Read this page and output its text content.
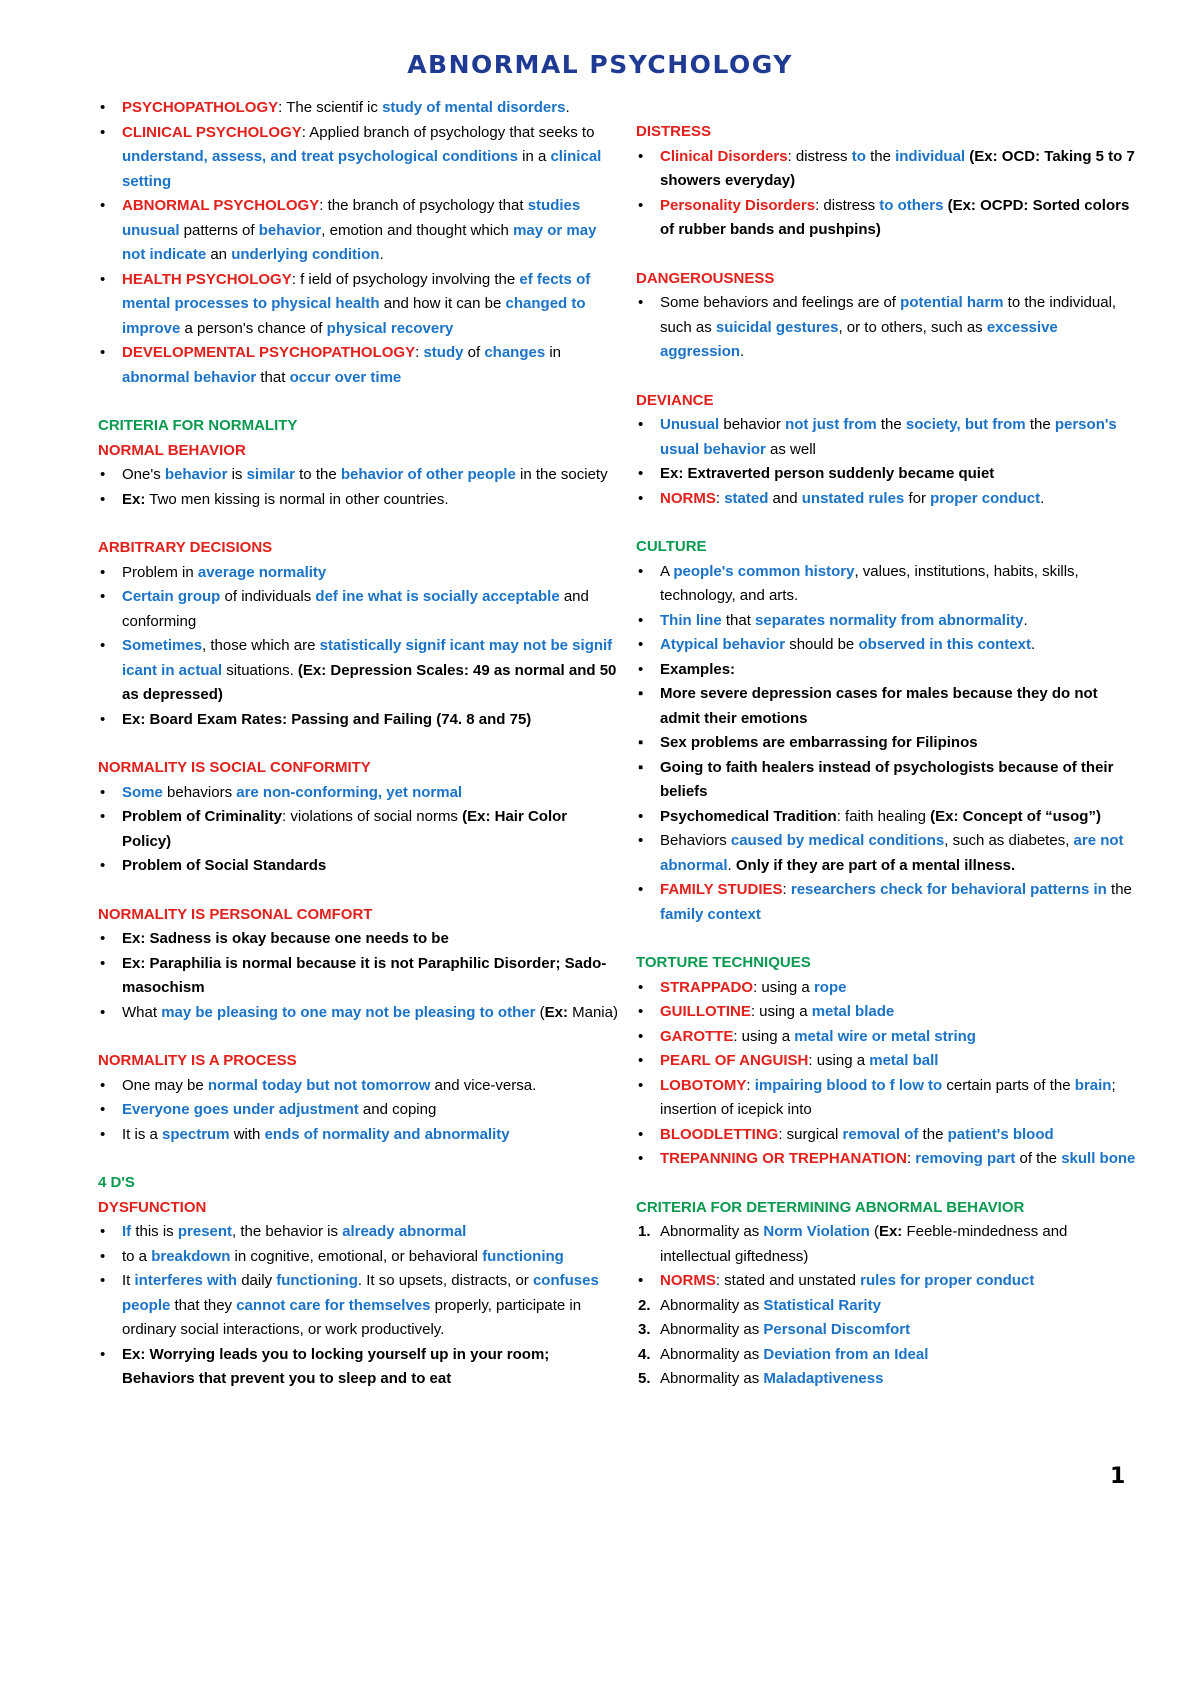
ABNORMAL PSYCHOLOGY
•	PSYCHOPATHOLOGY: The scientif ic study of mental disorders.
•	CLINICAL PSYCHOLOGY: Applied branch of psychology that seeks to understand, assess, and treat psychological conditions in a clinical setting
•	ABNORMAL PSYCHOLOGY: the branch of psychology that studies unusual patterns of behavior, emotion and thought which may or may not indicate an underlying condition.
•	HEALTH PSYCHOLOGY: f ield of psychology involving the ef fects of mental processes to physical health and how it can be changed to improve a person's chance of physical recovery
•	DEVELOPMENTAL PSYCHOPATHOLOGY: study of changes in abnormal behavior that occur over time
CRITERIA FOR NORMALITY
NORMAL BEHAVIOR
•	One's behavior is similar to the behavior of other people in the society
•	Ex: Two men kissing is normal in other countries.
ARBITRARY DECISIONS
•	Problem in average normality
•	Certain group of individuals def ine what is socially acceptable and conforming
•	Sometimes, those which are statistically signif icant may not be signif icant in actual situations. (Ex: Depression Scales: 49 as normal and 50 as depressed)
•	Ex: Board Exam Rates: Passing and Failing (74. 8 and 75)
NORMALITY IS SOCIAL CONFORMITY
•	Some behaviors are non-conforming, yet normal
•	Problem of Criminality: violations of social norms (Ex: Hair Color Policy)
•	Problem of Social Standards
NORMALITY IS PERSONAL COMFORT
•	Ex: Sadness is okay because one needs to be
•	Ex: Paraphilia is normal because it is not Paraphilic Disorder; Sado-masochism
•	What may be pleasing to one may not be pleasing to other (Ex: Mania)
NORMALITY IS A PROCESS
•	One may be normal today but not tomorrow and vice-versa.
•	Everyone goes under adjustment and coping
•	It is a spectrum with ends of normality and abnormality
4 D'S
DYSFUNCTION
•	If this is present, the behavior is already abnormal
•	to a breakdown in cognitive, emotional, or behavioral functioning
•	It interferes with daily functioning. It so upsets, distracts, or confuses people that they cannot care for themselves properly, participate in ordinary social interactions, or work productively.
•	Ex: Worrying leads you to locking yourself up in your room; Behaviors that prevent you to sleep and to eat
DISTRESS
•	Clinical Disorders: distress to the individual (Ex: OCD: Taking 5 to 7 showers everyday)
•	Personality Disorders: distress to others (Ex: OCPD: Sorted colors of rubber bands and pushpins)
DANGEROUSNESS
•	Some behaviors and feelings are of potential harm to the individual, such as suicidal gestures, or to others, such as excessive aggression.
DEVIANCE
•	Unusual behavior not just from the society, but from the person's usual behavior as well
•	Ex: Extraverted person suddenly became quiet
•	NORMS: stated and unstated rules for proper conduct.
CULTURE
•	A people's common history, values, institutions, habits, skills, technology, and arts.
•	Thin line that separates normality from abnormality.
•	Atypical behavior should be observed in this context.
•	Examples:
▪	More severe depression cases for males because they do not admit their emotions
▪	Sex problems are embarrassing for Filipinos
▪	Going to faith healers instead of psychologists because of their beliefs
•	Psychomedical Tradition: faith healing (Ex: Concept of “usog”)
•	Behaviors caused by medical conditions, such as diabetes, are not abnormal. Only if they are part of a mental illness.
•	FAMILY STUDIES: researchers check for behavioral patterns in the family context
TORTURE TECHNIQUES
•	STRAPPADO: using a rope
•	GUILLOTINE: using a metal blade
•	GAROTTE: using a metal wire or metal string
•	PEARL OF ANGUISH: using a metal ball
•	LOBOTOMY: impairing blood to f low to certain parts of the brain; insertion of icepick into
•	BLOODLETTING: surgical removal of the patient's blood
•	TREPANNING OR TREPHANATION: removing part of the skull bone
CRITERIA FOR DETERMINING ABNORMAL BEHAVIOR
1. Abnormality as Norm Violation (Ex: Feeble-mindedness and intellectual giftedness)
•	NORMS: stated and unstated rules for proper conduct
2. Abnormality as Statistical Rarity
3. Abnormality as Personal Discomfort
4. Abnormality as Deviation from an Ideal
5. Abnormality as Maladaptiveness
1
